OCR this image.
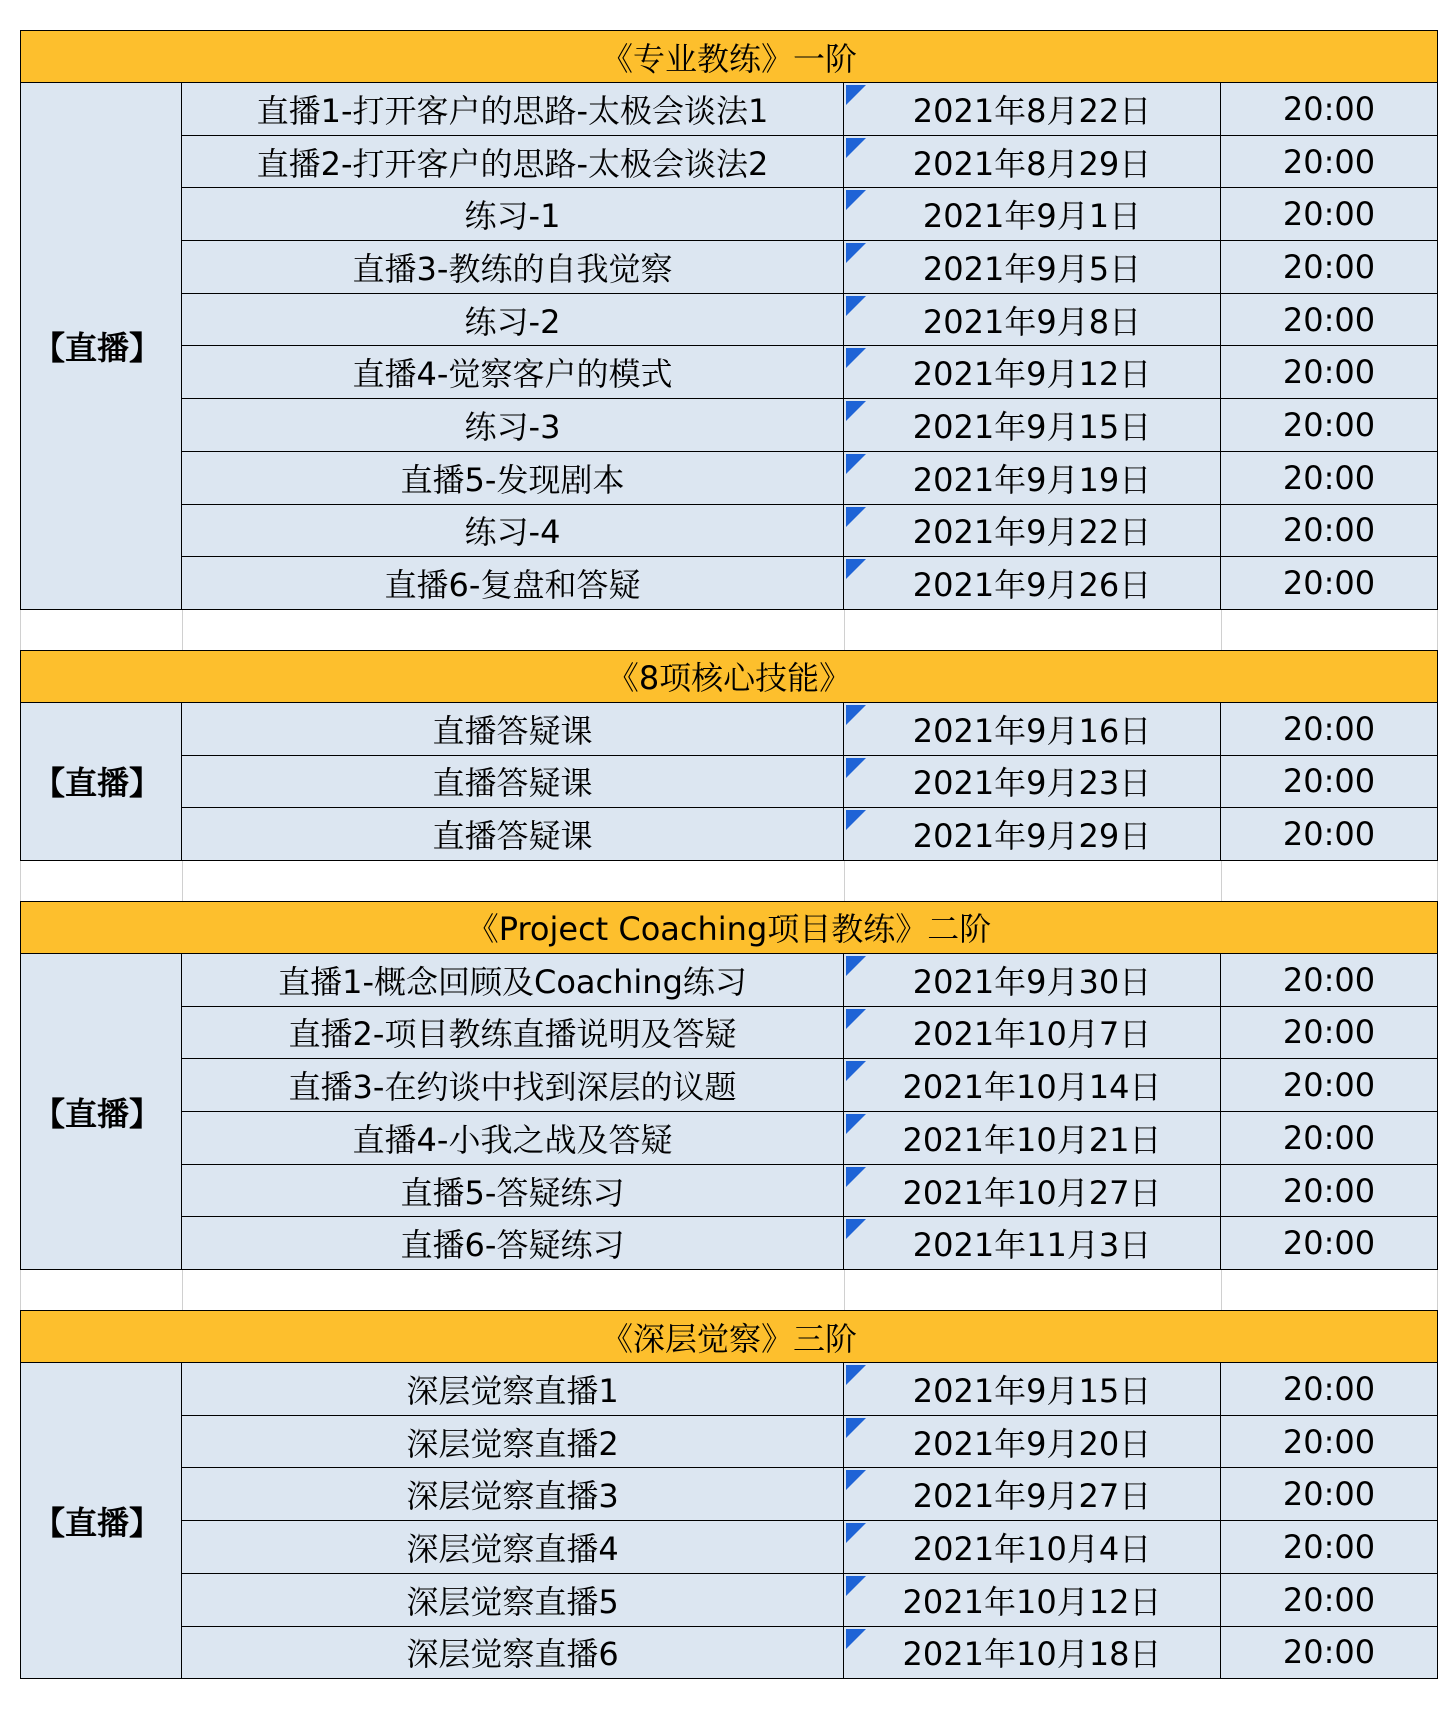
《专业教练》一阶
【直播】
直播1-打开客户的思路-太极会谈法1	2021年8月22日	20:00
直播2-打开客户的思路-太极会谈法2	2021年8月29日	20:00
练习-1	2021年9月1日	20:00
直播3-教练的自我觉察	2021年9月5日	20:00
练习-2	2021年9月8日	20:00
直播4-觉察客户的模式	2021年9月12日	20:00
练习-3	2021年9月15日	20:00
直播5-发现剧本	2021年9月19日	20:00
练习-4	2021年9月22日	20:00
直播6-复盘和答疑	2021年9月26日	20:00
《8项核心技能》
【直播】
直播答疑课	2021年9月16日	20:00
直播答疑课	2021年9月23日	20:00
直播答疑课	2021年9月29日	20:00
《Project Coaching项目教练》二阶
【直播】
直播1-概念回顾及Coaching练习	2021年9月30日	20:00
直播2-项目教练直播说明及答疑	2021年10月7日	20:00
直播3-在约谈中找到深层的议题	2021年10月14日	20:00
直播4-小我之战及答疑	2021年10月21日	20:00
直播5-答疑练习	2021年10月27日	20:00
直播6-答疑练习	2021年11月3日	20:00
《深层觉察》三阶
【直播】
深层觉察直播1	2021年9月15日	20:00
深层觉察直播2	2021年9月20日	20:00
深层觉察直播3	2021年9月27日	20:00
深层觉察直播4	2021年10月4日	20:00
深层觉察直播5	2021年10月12日	20:00
深层觉察直播6	2021年10月18日	20:00
